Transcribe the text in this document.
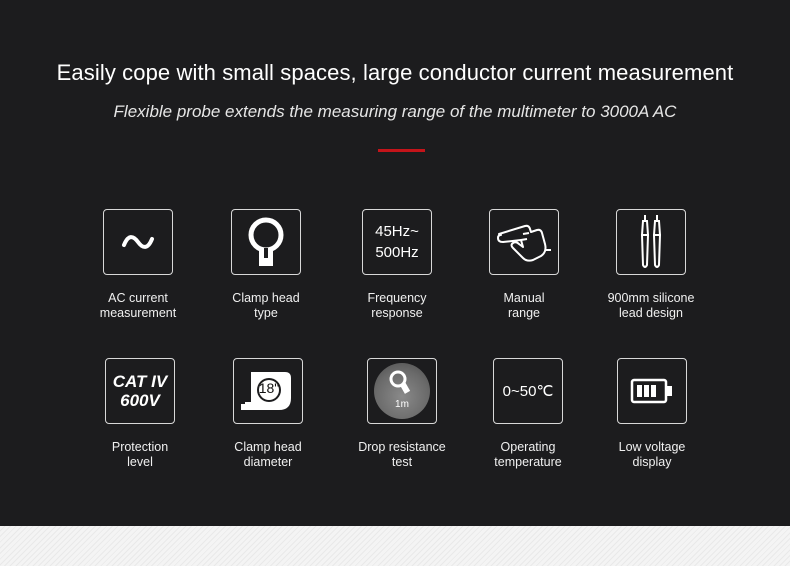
Easily cope with small spaces, large conductor current measurement
Flexible probe extends the measuring range of the multimeter to 3000A AC
AC current
measurement
Clamp head
type
45Hz~
500Hz
Frequency
response
Manual
range
900mm silicone
lead design
CAT IV
600V
Protection
level
18"
Clamp head
diameter
1m
Drop resistance
test
0~50℃
Operating
temperature
Low voltage
display
